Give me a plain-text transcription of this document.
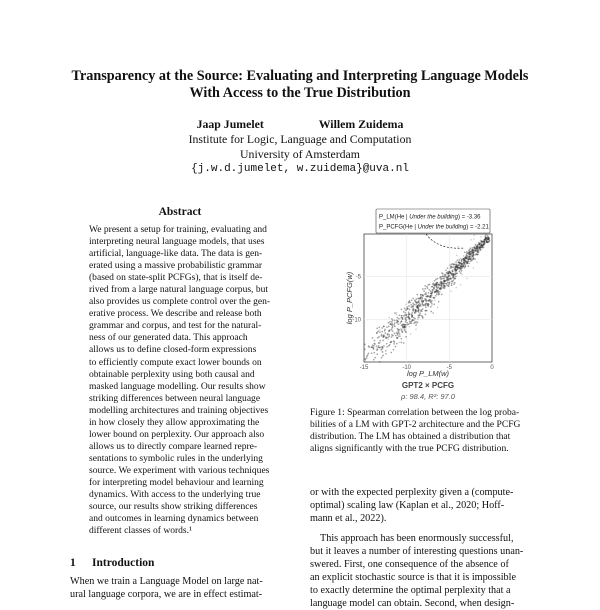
Transparency at the Source: Evaluating and Interpreting Language Models
With Access to the True Distribution
Jaap Jumelet	Willem Zuidema
Institute for Logic, Language and Computation
University of Amsterdam
{j.w.d.jumelet, w.zuidema}@uva.nl
Abstract
We present a setup for training, evaluating and
interpreting neural language models, that uses
artificial, language-like data. The data is gen-
erated using a massive probabilistic grammar
(based on state-split PCFGs), that is itself de-
rived from a large natural language corpus, but
also provides us complete control over the gen-
erative process. We describe and release both
grammar and corpus, and test for the natural-
ness of our generated data. This approach
allows us to define closed-form expressions
to efficiently compute exact lower bounds on
obtainable perplexity using both causal and
masked language modelling. Our results show
striking differences between neural language
modelling architectures and training objectives
in how closely they allow approximating the
lower bound on perplexity. Our approach also
allows us to directly compare learned repre-
sentations to symbolic rules in the underlying
source. We experiment with various techniques
for interpreting model behaviour and learning
dynamics. With access to the underlying true
source, our results show striking differences
and outcomes in learning dynamics between
different classes of words.¹
1 Introduction
When we train a Language Model on large nat-
ural language corpora, we are in effect estimat-
P_LM(He | Under the building) = -3.36
P_PCFG(He | Under the building) = -2.21
-15	-10	-5	0
-10
-5
log P_LM(w)
log P_PCFG(w)
GPT2 × PCFG
ρ: 98.4, R²: 97.0
Figure 1: Spearman correlation between the log proba-
bilities of a LM with GPT-2 architecture and the PCFG
distribution. The LM has obtained a distribution that
aligns significantly with the true PCFG distribution.

or with the expected perplexity given a (compute-
optimal) scaling law (Kaplan et al., 2020; Hoff-
mann et al., 2022).

This approach has been enormously successful,
but it leaves a number of interesting questions unan-
swered. First, one consequence of the absence of
an explicit stochastic source is that it is impossible
to exactly determine the optimal perplexity that a
language model can obtain. Second, when design-
